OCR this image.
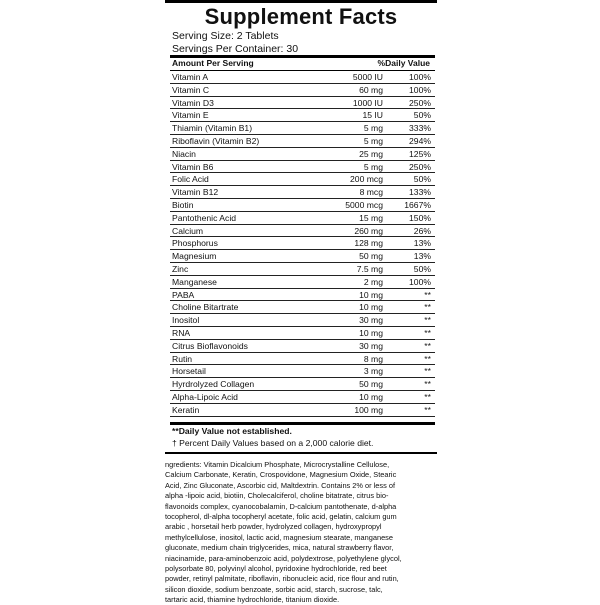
Supplement Facts
Serving Size: 2 Tablets
Servings Per Container: 30
Amount Per Serving	%Daily Value
Vitamin A	5000 IU	100%
Vitamin C	60 mg	100%
Vitamin D3	1000 IU	250%
Vitamin E	15 IU	50%
Thiamin (Vitamin B1)	5 mg	333%
Riboflavin (Vitamin B2)	5 mg	294%
Niacin	25 mg	125%
Vitamin B6	5 mg	250%
Folic Acid	200 mcg	50%
Vitamin B12	8 mcg	133%
Biotin	5000 mcg	1667%
Pantothenic Acid	15 mg	150%
Calcium	260 mg	26%
Phosphorus	128 mg	13%
Magnesium	50 mg	13%
Zinc	7.5 mg	50%
Manganese	2 mg	100%
PABA	10 mg	**
Choline Bitartrate	10 mg	**
Inositol	30 mg	**
RNA	10 mg	**
Citrus Bioflavonoids	30 mg	**
Rutin	8 mg	**
Horsetail	3 mg	**
Hyrdrolyzed Collagen	50 mg	**
Alpha-Lipoic Acid	10 mg	**
Keratin	100 mg	**
**Daily Value not established.
† Percent Daily Values based on a 2,000 calorie diet.
ngredients: Vitamin Dicalcium Phosphate, Microcrystalline Cellulose,
Calcium Carbonate, Keratin, Crospovidone, Magnesium Oxide, Stearic
Acid, Zinc Gluconate, Ascorbic cid, Maltdextrin. Contains 2% or less of
alpha -lipoic acid, biotiin, Cholecalciferol, choline bitatrate, citrus bio-
flavonoids complex, cyanocobalamin, D-calcium pantothenate, d-alpha
tocopherol, dl-alpha tocopheryl acetate, folic acid, gelatin, calcium gum
arabic , horsetail herb powder, hydrolyzed collagen, hydroxypropyl
methylcellulose, inositol, lactic acid, magnesium stearate, manganese
gluconate, medium chain triglycerides, mica, natural strawberry flavor,
niacinamide, para-aminobenzoic acid, polydextrose, polyethylene glycol,
polysorbate 80, polyvinyl alcohol, pyridoxine hydrochloride, red beet
powder, retinyl palmitate, riboflavin, ribonucleic acid, rice flour and rutin,
silicon dioxide, sodium benzoate, sorbic acid, starch, sucrose, talc,
tartaric acid, thiamine hydrochloride, titanium dioxide.
